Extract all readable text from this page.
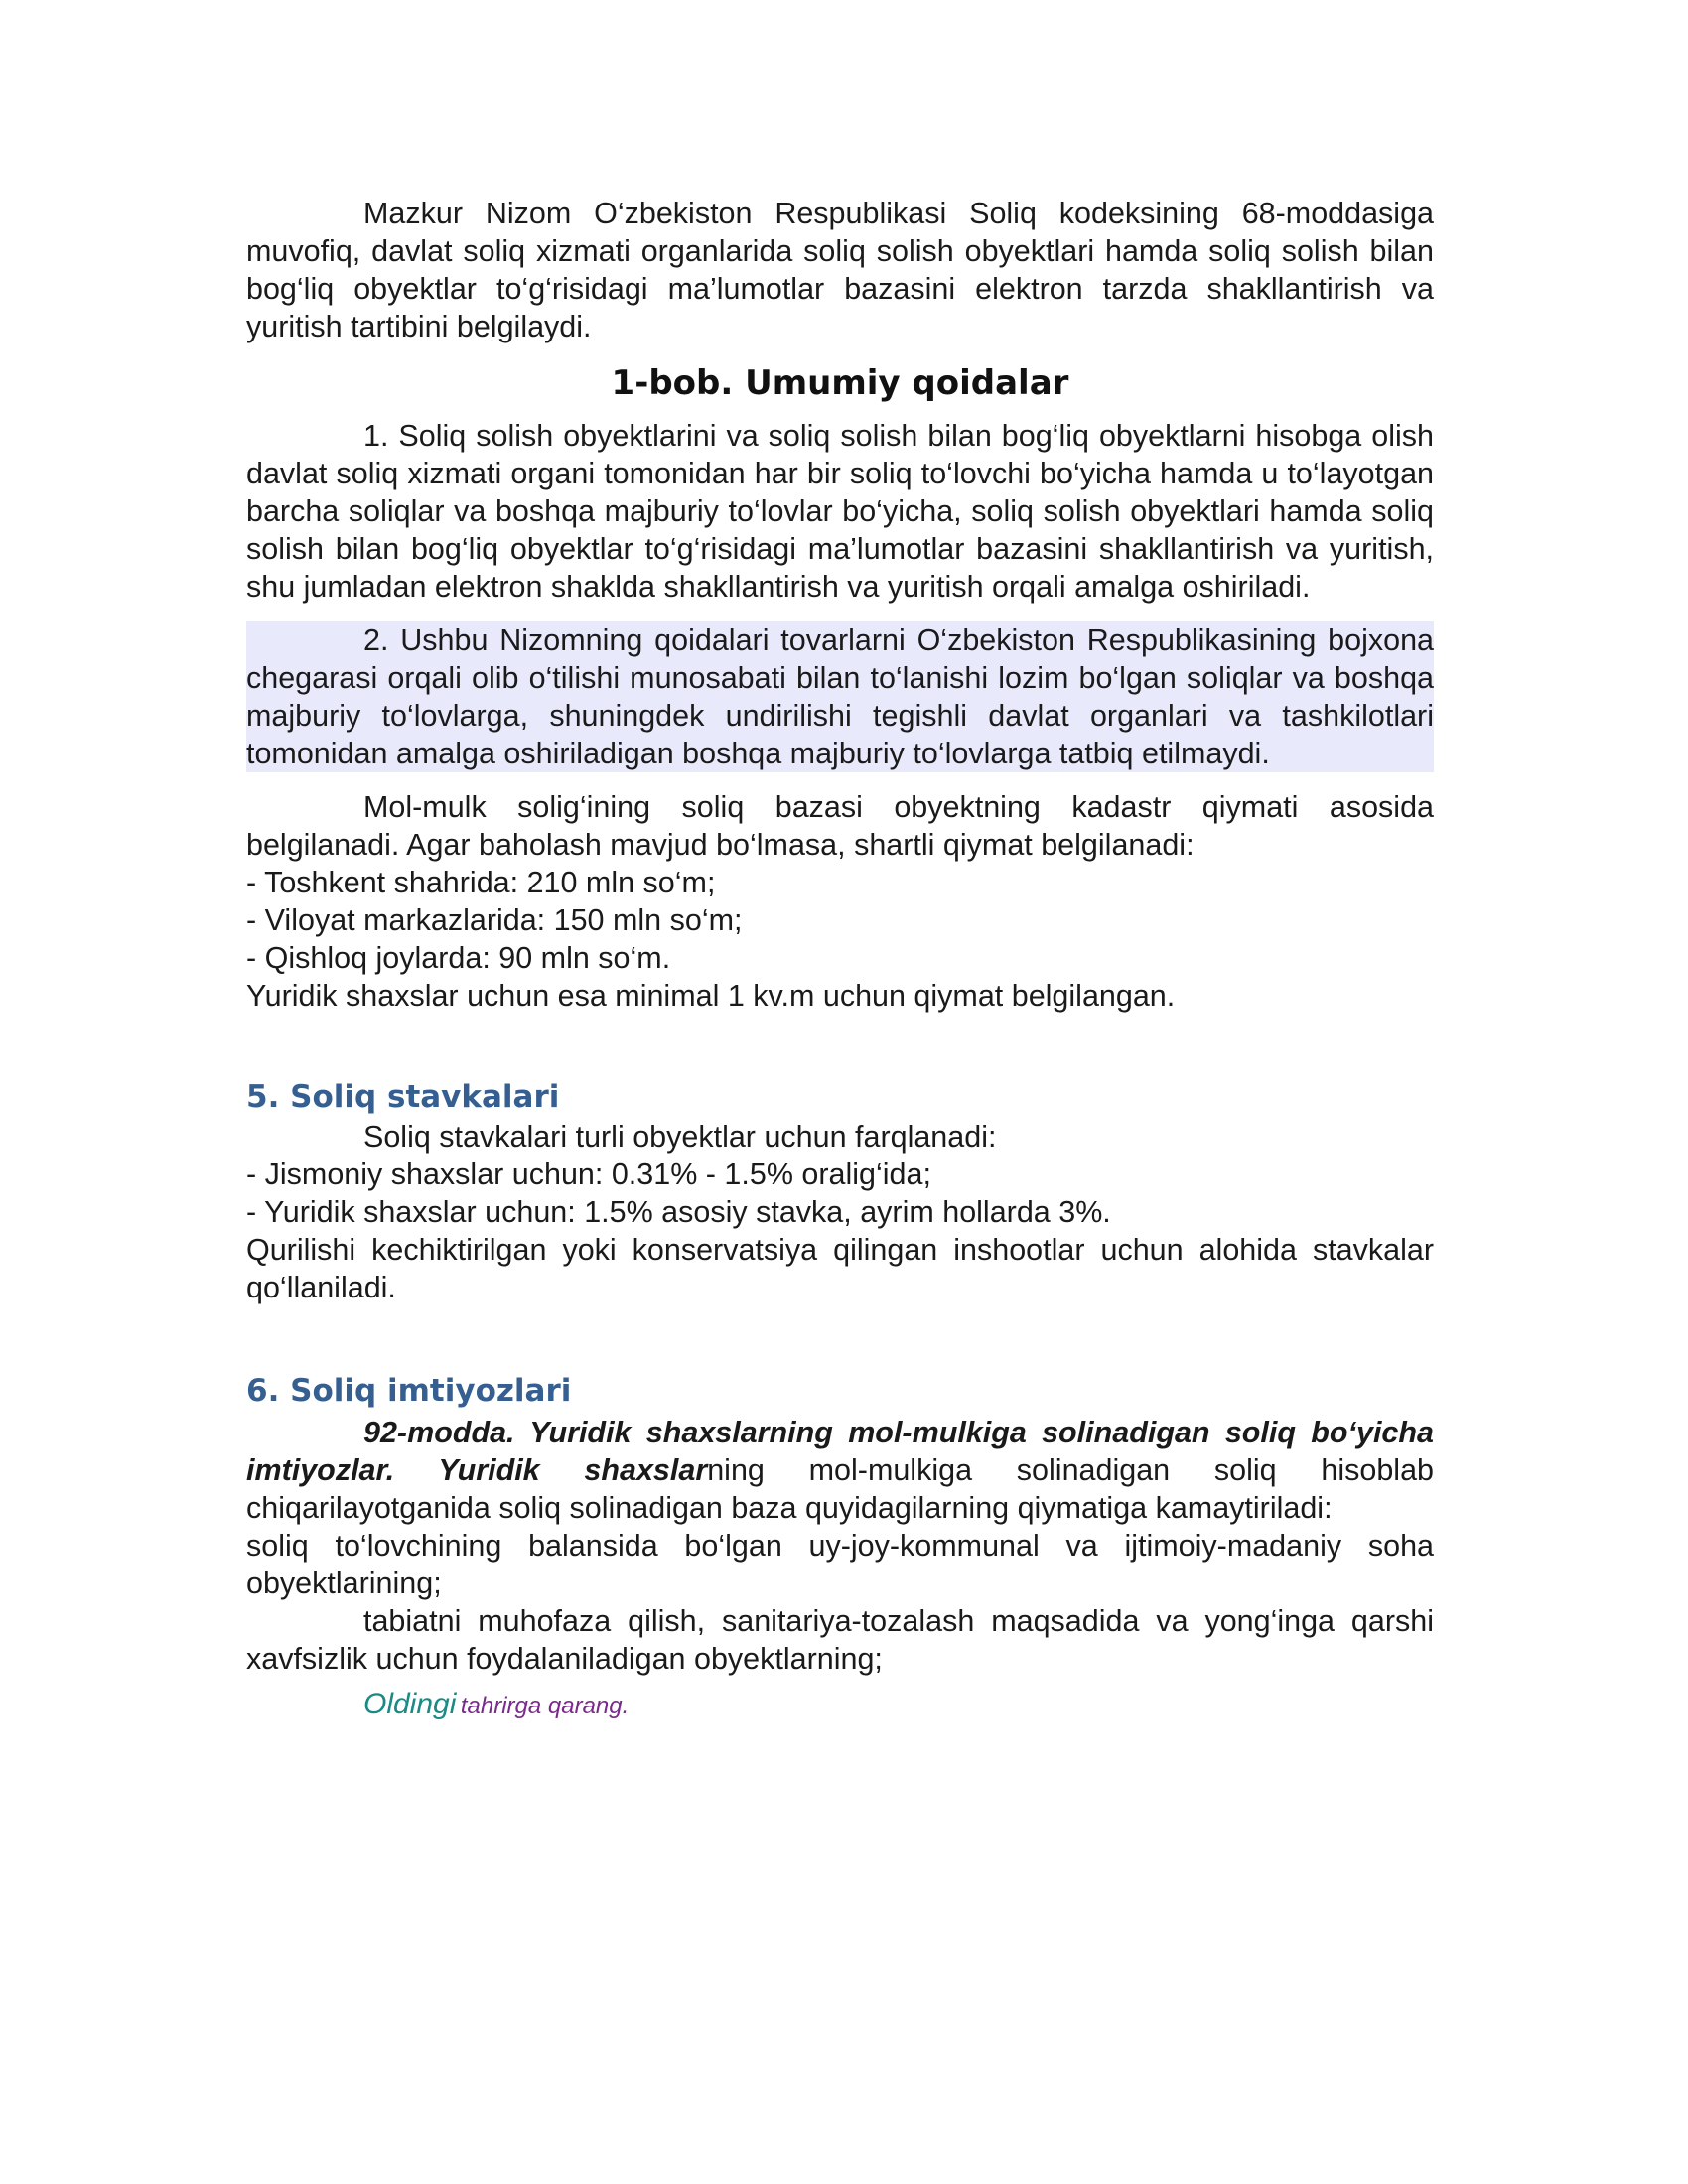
Mazkur Nizom O‘zbekiston Respublikasi Soliq kodeksining 68-moddasiga muvofiq, davlat soliq xizmati organlarida soliq solish obyektlari hamda soliq solish bilan bog‘liq obyektlar to‘g‘risidagi ma’lumotlar bazasini elektron tarzda shakllantirish va yuritish tartibini belgilaydi.

1-bob. Umumiy qoidalar

1. Soliq solish obyektlarini va soliq solish bilan bog‘liq obyektlarni hisobga olish davlat soliq xizmati organi tomonidan har bir soliq to‘lovchi bo‘yicha hamda u to‘layotgan barcha soliqlar va boshqa majburiy to‘lovlar bo‘yicha, soliq solish obyektlari hamda soliq solish bilan bog‘liq obyektlar to‘g‘risidagi ma’lumotlar bazasini shakllantirish va yuritish, shu jumladan elektron shaklda shakllantirish va yuritish orqali amalga oshiriladi.

2. Ushbu Nizomning qoidalari tovarlarni O‘zbekiston Respublikasining bojxona chegarasi orqali olib o‘tilishi munosabati bilan to‘lanishi lozim bo‘lgan soliqlar va boshqa majburiy to‘lovlarga, shuningdek undirilishi tegishli davlat organlari va tashkilotlari tomonidan amalga oshiriladigan boshqa majburiy to‘lovlarga tatbiq etilmaydi.

Mol-mulk solig‘ining soliq bazasi obyektning kadastr qiymati asosida belgilanadi. Agar baholash mavjud bo‘lmasa, shartli qiymat belgilanadi:

- Toshkent shahrida: 210 mln so‘m;

- Viloyat markazlarida: 150 mln so‘m;

- Qishloq joylarda: 90 mln so‘m.

Yuridik shaxslar uchun esa minimal 1 kv.m uchun qiymat belgilangan.

5. Soliq stavkalari

Soliq stavkalari turli obyektlar uchun farqlanadi:

- Jismoniy shaxslar uchun: 0.31% - 1.5% oralig‘ida;

- Yuridik shaxslar uchun: 1.5% asosiy stavka, ayrim hollarda 3%.

Qurilishi kechiktirilgan yoki konservatsiya qilingan inshootlar uchun alohida stavkalar qo‘llaniladi.

6. Soliq imtiyozlari

92-modda. Yuridik shaxslarning mol-mulkiga solinadigan soliq bo‘yicha imtiyozlar. Yuridik shaxslarning mol-mulkiga solinadigan soliq hisoblab chiqarilayotganida soliq solinadigan baza quyidagilarning qiymatiga kamaytiriladi:

soliq to‘lovchining balansida bo‘lgan uy-joy-kommunal va ijtimoiy-madaniy soha obyektlarining;

tabiatni muhofaza qilish, sanitariya-tozalash maqsadida va yong‘inga qarshi xavfsizlik uchun foydalaniladigan obyektlarning;

Oldingi tahrirga qarang.
